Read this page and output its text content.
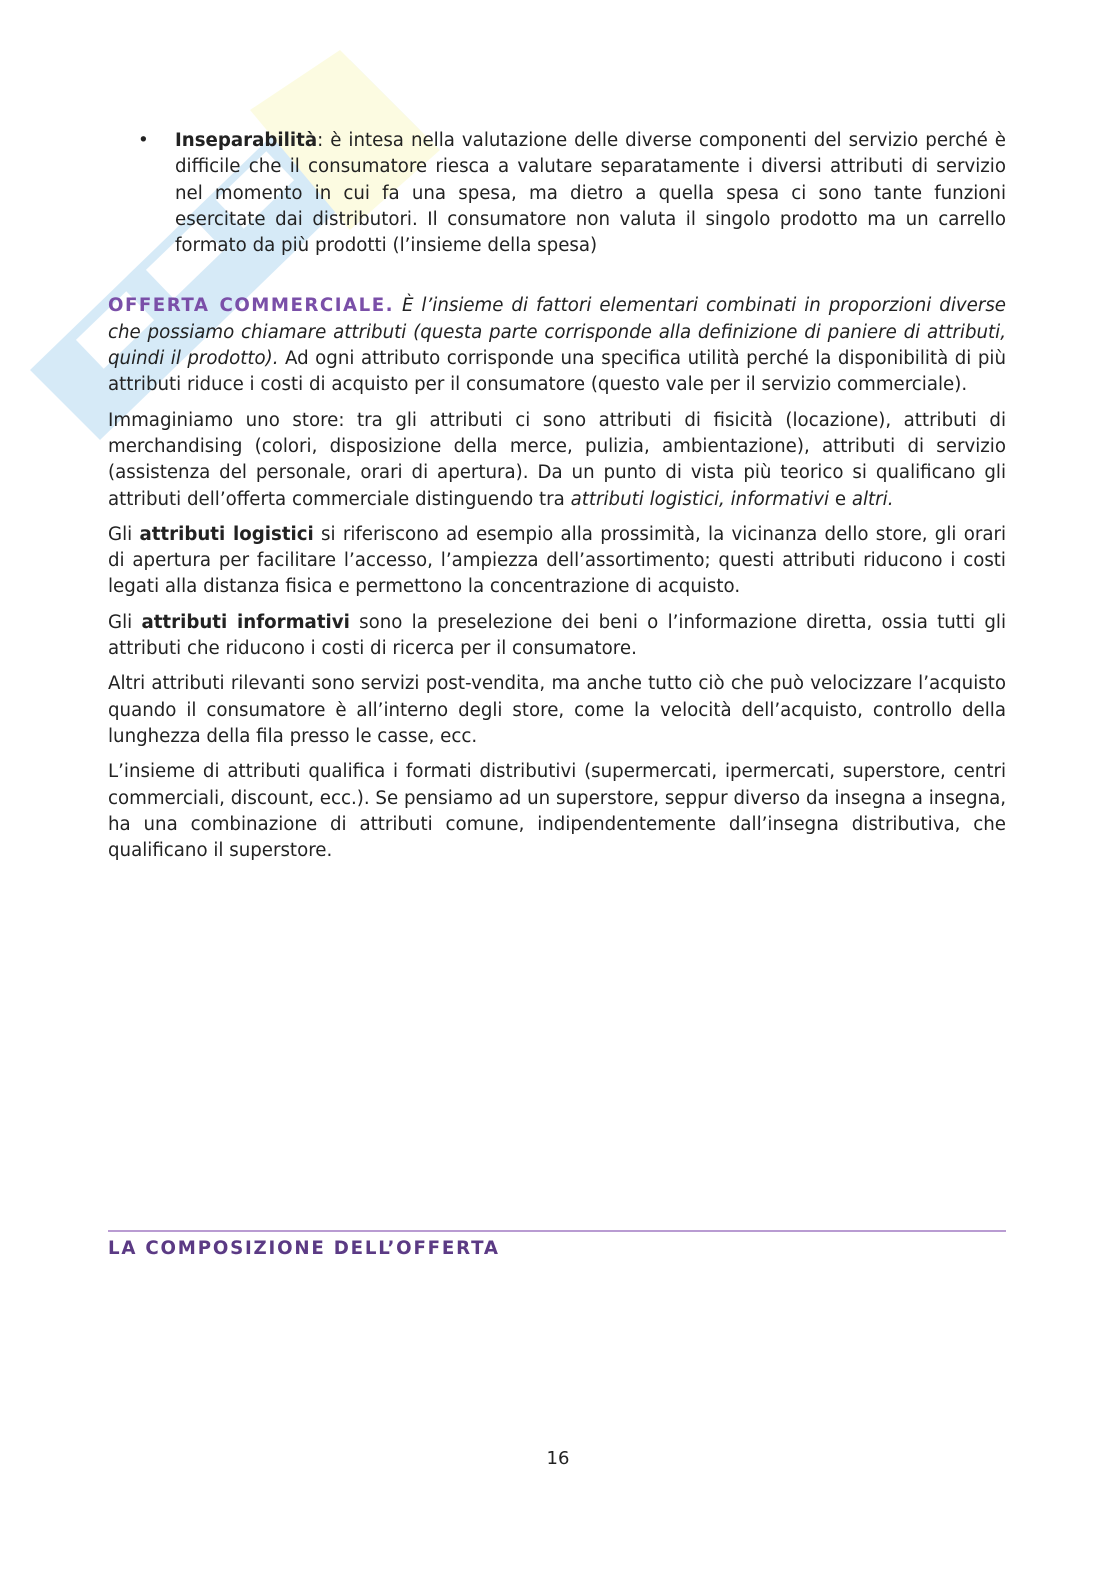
• Inseparabilità: è intesa nella valutazione delle diverse componenti del servizio perché è difficile che il consumatore riesca a valutare separatamente i diversi attributi di servizio nel momento in cui fa una spesa, ma dietro a quella spesa ci sono tante funzioni esercitate dai distributori. Il consumatore non valuta il singolo prodotto ma un carrello formato da più prodotti (l’insieme della spesa)

OFFERTA COMMERCIALE. È l’insieme di fattori elementari combinati in proporzioni diverse che possiamo chiamare attributi (questa parte corrisponde alla definizione di paniere di attributi, quindi il prodotto). Ad ogni attributo corrisponde una specifica utilità perché la disponibilità di più attributi riduce i costi di acquisto per il consumatore (questo vale per il servizio commerciale).

Immaginiamo uno store: tra gli attributi ci sono attributi di fisicità (locazione), attributi di merchandising (colori, disposizione della merce, pulizia, ambientazione), attributi di servizio (assistenza del personale, orari di apertura). Da un punto di vista più teorico si qualificano gli attributi dell’offerta commerciale distinguendo tra attributi logistici, informativi e altri.

Gli attributi logistici si riferiscono ad esempio alla prossimità, la vicinanza dello store, gli orari di apertura per facilitare l’accesso, l’ampiezza dell’assortimento; questi attributi riducono i costi legati alla distanza fisica e permettono la concentrazione di acquisto.

Gli attributi informativi sono la preselezione dei beni o l’informazione diretta, ossia tutti gli attributi che riducono i costi di ricerca per il consumatore.

Altri attributi rilevanti sono servizi post-vendita, ma anche tutto ciò che può velocizzare l’acquisto quando il consumatore è all’interno degli store, come la velocità dell’acquisto, controllo della lunghezza della fila presso le casse, ecc.

L’insieme di attributi qualifica i formati distributivi (supermercati, ipermercati, superstore, centri commerciali, discount, ecc.). Se pensiamo ad un superstore, seppur diverso da insegna a insegna, ha una combinazione di attributi comune, indipendentemente dall’insegna distributiva, che qualificano il superstore.

LA COMPOSIZIONE DELL’OFFERTA
16
